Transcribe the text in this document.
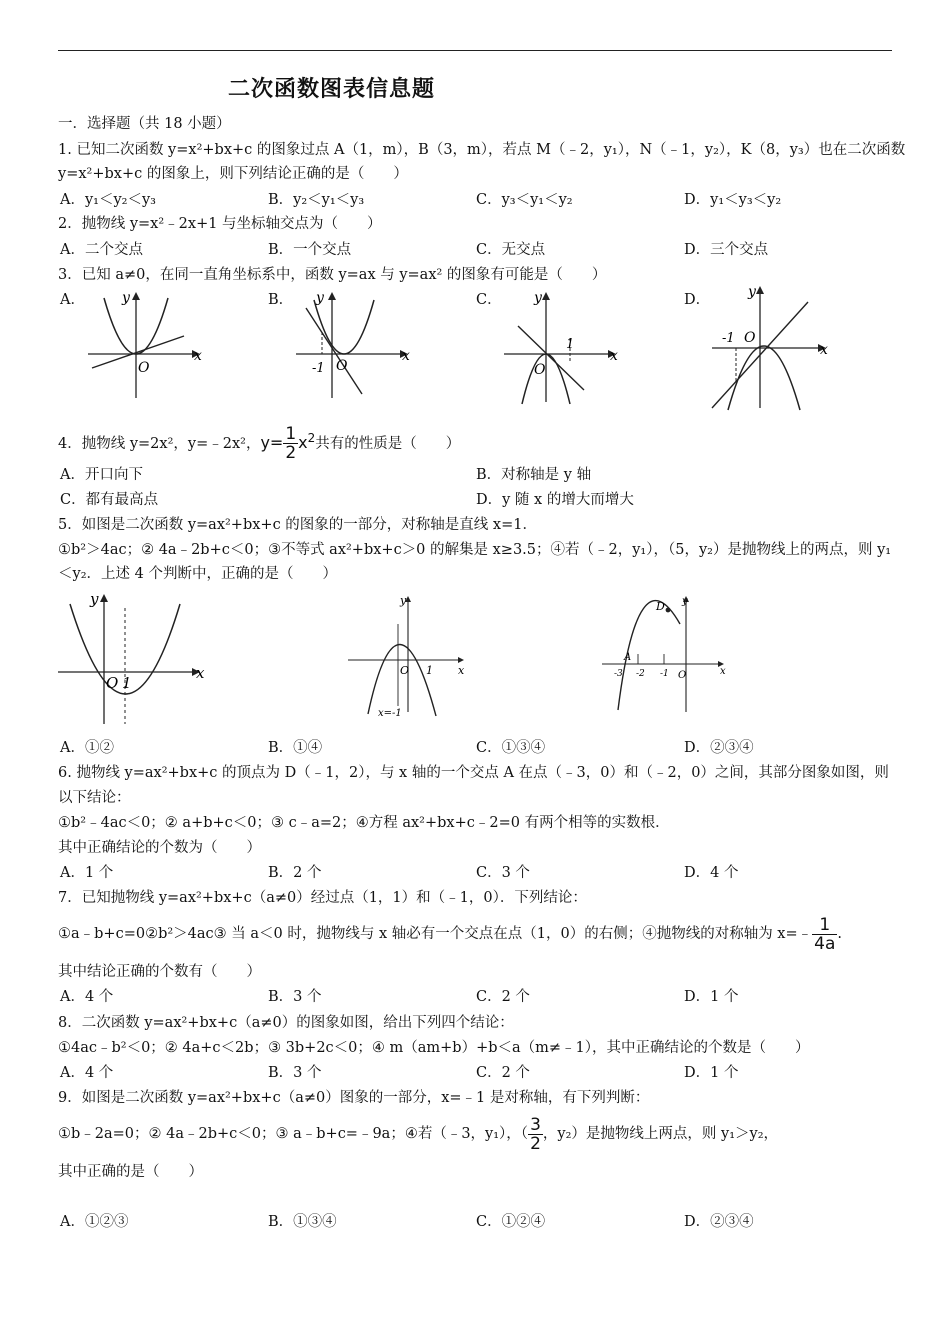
二次函数图表信息题
一．选择题（共 18 小题）
1. 已知二次函数 y=x²+bx+c 的图象过点 A（1，m），B（3，m），若点 M（﹣2，y₁），N（﹣1，y₂），K（8，y₃）也在二次函数
y=x²+bx+c 的图象上，则下列结论正确的是（　　）
A．y₁＜y₂＜y₃	B．y₂＜y₁＜y₃	C．y₃＜y₁＜y₂	D．y₁＜y₃＜y₂
2．抛物线 y=x²﹣2x+1 与坐标轴交点为（　　）
A．二个交点	B．一个交点	C．无交点	D．三个交点
3．已知 a≠0，在同一直角坐标系中，函数 y=ax 与 y=ax² 的图象有可能是（　　）
A．	B．	C．	D．
y
x
O
y
x
-1 O
y
x
1
O
y
x
-1 O
4．抛物线 y=2x²，y=﹣2x²，$y= \frac{1}{2} x^2$共有的性质是（　　）
A．开口向下	B．对称轴是 y 轴
C．都有最高点	D．y 随 x 的增大而增大
5．如图是二次函数 y=ax²+bx+c 的图象的一部分，对称轴是直线 x=1．
①b²＞4ac；② 4a﹣2b+c＜0；③不等式 ax²+bx+c＞0 的解集是 x≥3.5；④若（﹣2，y₁），（5，y₂）是抛物线上的两点，则 y₁
＜y₂．上述 4 个判断中，正确的是（　　）
y
x
O 1
y
x
O 1
x=-1
y
x
D
A
-3 -2 -1 O
A．①②	B．①④	C．①③④	D．②③④
6. 抛物线 y=ax²+bx+c 的顶点为 D（﹣1，2），与 x 轴的一个交点 A 在点（﹣3，0）和（﹣2，0）之间，其部分图象如图，则
以下结论：
①b²﹣4ac＜0；② a+b+c＜0；③ c﹣a=2；④方程 ax²+bx+c﹣2=0 有两个相等的实数根．
其中正确结论的个数为（　　）
A．1 个	B．2 个	C．3 个	D．4 个
7．已知抛物线 y=ax²+bx+c（a≠0）经过点（1，1）和（﹣1，0）．下列结论：
①a﹣b+c=0②b²＞4ac③ 当 a＜0 时，抛物线与 x 轴必有一个交点在点（1，0）的右侧；④抛物线的对称轴为 x=﹣ $\frac{1}{4a}$ .
其中结论正确的个数有（　　）
A．4 个	B．3 个	C．2 个	D．1 个
8．二次函数 y=ax²+bx+c（a≠0）的图象如图，给出下列四个结论：
①4ac﹣b²＜0；② 4a+c＜2b；③ 3b+2c＜0；④ m（am+b）+b＜a（m≠﹣1），其中正确结论的个数是（　　）
A．4 个	B．3 个	C．2 个	D．1 个
9．如图是二次函数 y=ax²+bx+c（a≠0）图象的一部分，x=﹣1 是对称轴，有下列判断：
①b﹣2a=0；② 4a﹣2b+c＜0；③ a﹣b+c=﹣9a；④若（﹣3，y₁），（ $\frac{3}{2}$ ，y₂）是抛物线上两点，则 y₁＞y₂，
其中正确的是（　　）
A．①②③	B．①③④	C．①②④	D．②③④
